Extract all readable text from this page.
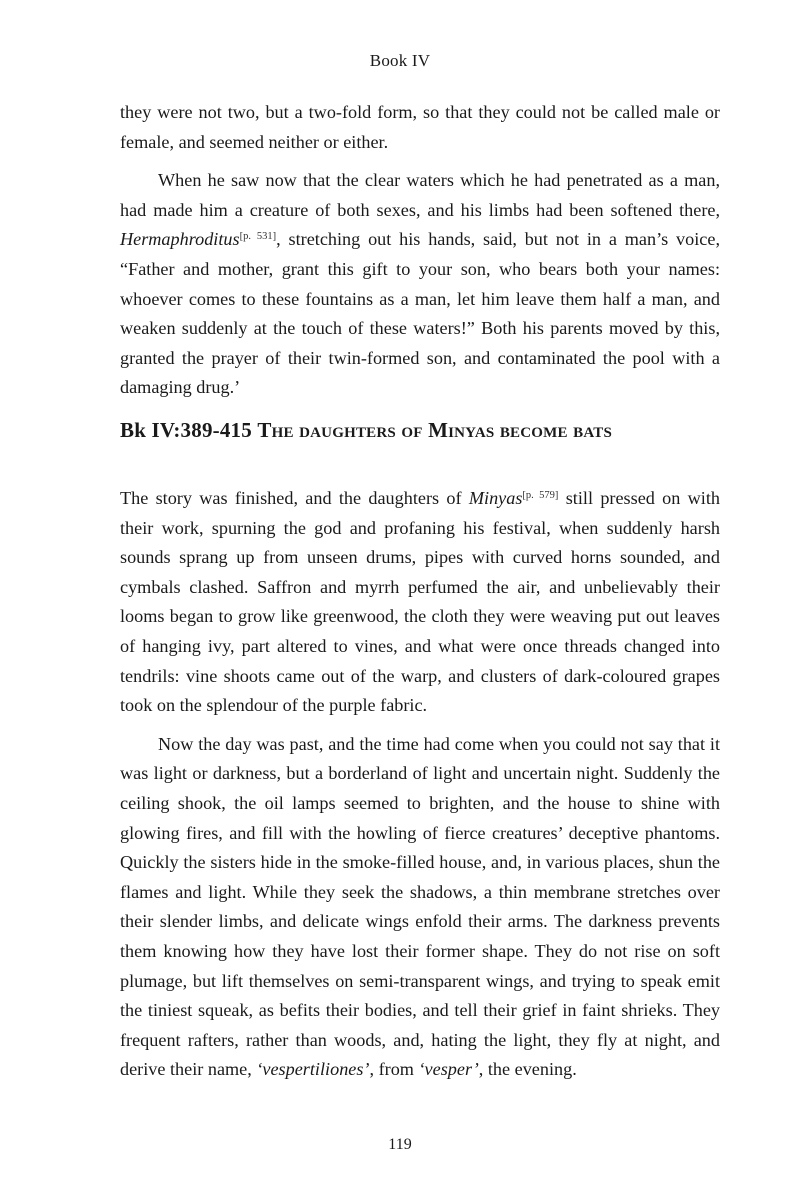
Book IV

they were not two, but a two-fold form, so that they could not be called male or female, and seemed neither or either.

When he saw now that the clear waters which he had penetrated as a man, had made him a creature of both sexes, and his limbs had been softened there, Hermaphroditus[p. 531], stretching out his hands, said, but not in a man’s voice, “Father and mother, grant this gift to your son, who bears both your names: whoever comes to these fountains as a man, let him leave them half a man, and weaken suddenly at the touch of these waters!” Both his parents moved by this, granted the prayer of their twin-formed son, and contaminated the pool with a damaging drug.’

Bk IV:389-415 The daughters of Minyas become bats

The story was finished, and the daughters of Minyas[p. 579] still pressed on with their work, spurning the god and profaning his festival, when suddenly harsh sounds sprang up from unseen drums, pipes with curved horns sounded, and cymbals clashed. Saffron and myrrh perfumed the air, and unbelievably their looms began to grow like greenwood, the cloth they were weaving put out leaves of hanging ivy, part altered to vines, and what were once threads changed into tendrils: vine shoots came out of the warp, and clusters of dark-coloured grapes took on the splendour of the purple fabric.

Now the day was past, and the time had come when you could not say that it was light or darkness, but a borderland of light and uncertain night. Suddenly the ceiling shook, the oil lamps seemed to brighten, and the house to shine with glowing fires, and fill with the howling of fierce creatures’ deceptive phantoms. Quickly the sisters hide in the smoke-filled house, and, in various places, shun the flames and light. While they seek the shadows, a thin membrane stretches over their slender limbs, and delicate wings enfold their arms. The darkness prevents them knowing how they have lost their former shape. They do not rise on soft plumage, but lift themselves on semi-transparent wings, and trying to speak emit the tiniest squeak, as befits their bodies, and tell their grief in faint shrieks. They frequent rafters, rather than woods, and, hating the light, they fly at night, and derive their name, ‘vespertiliones’, from ‘vesper’, the evening.

119
